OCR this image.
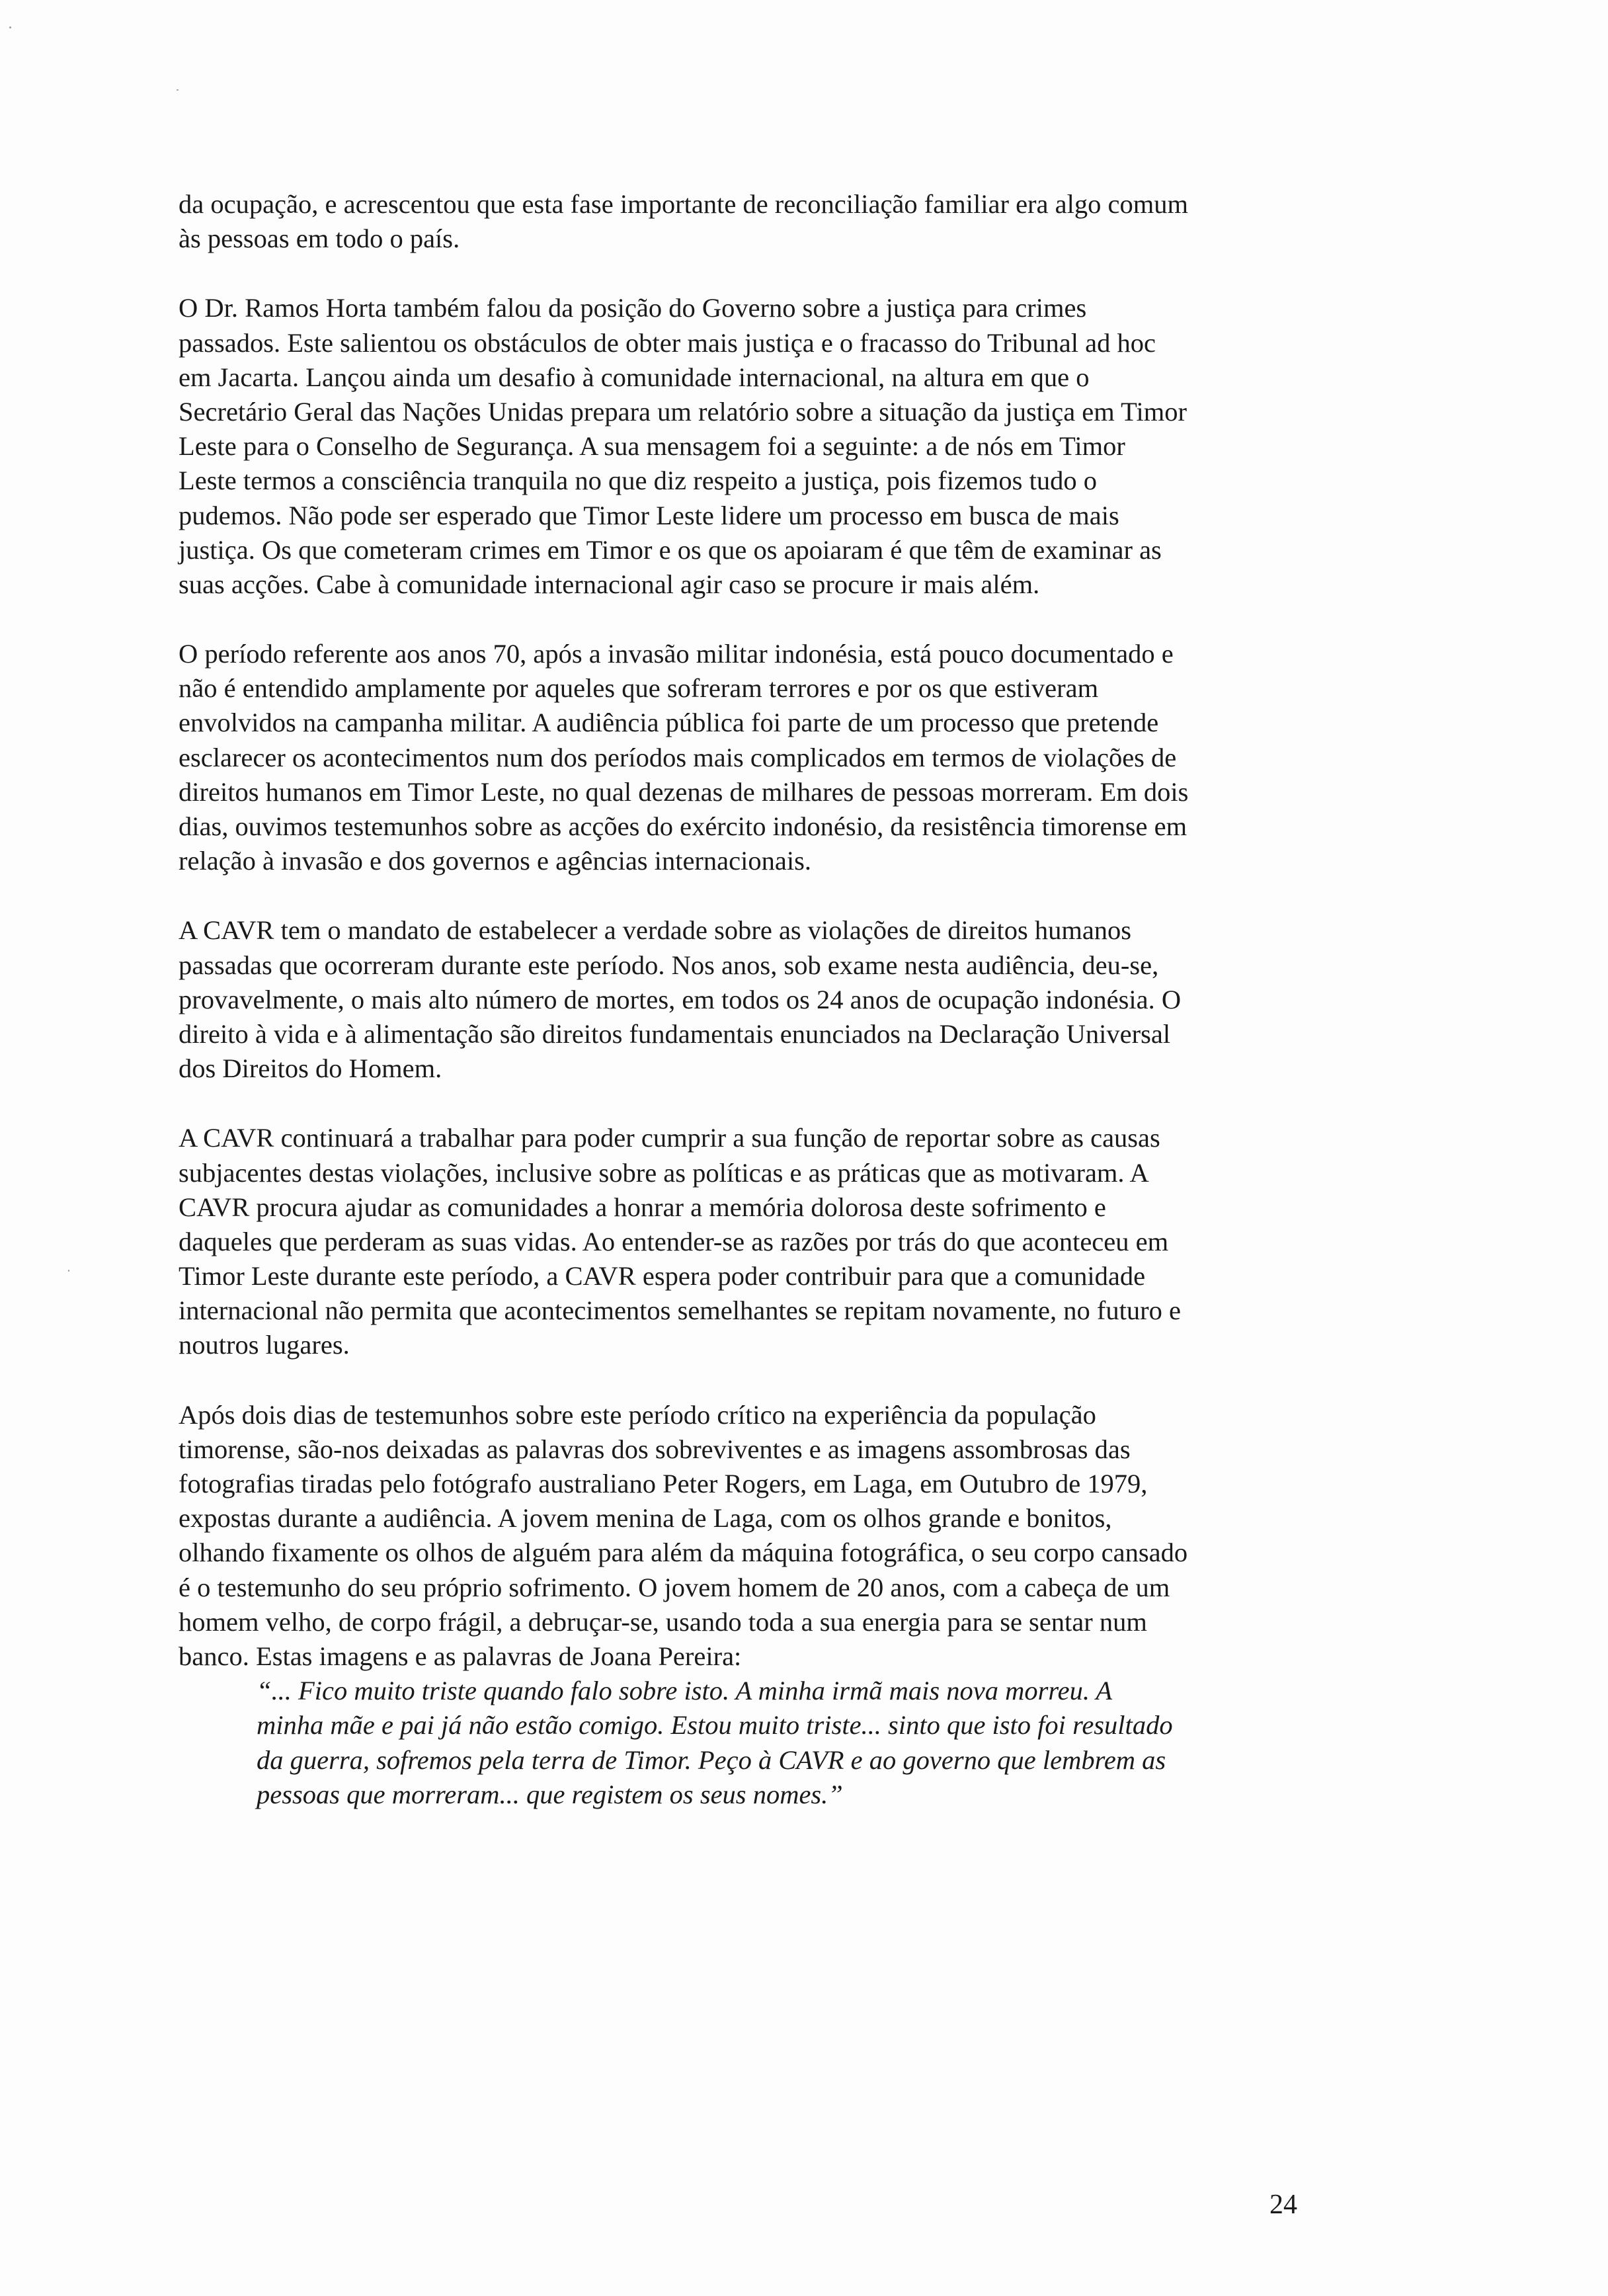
da ocupação, e acrescentou que esta fase importante de reconciliação familiar era algo comum
às pessoas em todo o país.

O Dr. Ramos Horta também falou da posição do Governo sobre a justiça para crimes
passados. Este salientou os obstáculos de obter mais justiça e o fracasso do Tribunal ad hoc
em Jacarta. Lançou ainda um desafio à comunidade internacional, na altura em que o
Secretário Geral das Nações Unidas prepara um relatório sobre a situação da justiça em Timor
Leste para o Conselho de Segurança. A sua mensagem foi a seguinte: a de nós em Timor
Leste termos a consciência tranquila no que diz respeito a justiça, pois fizemos tudo o
pudemos. Não pode ser esperado que Timor Leste lidere um processo em busca de mais
justiça. Os que cometeram crimes em Timor e os que os apoiaram é que têm de examinar as
suas acções. Cabe à comunidade internacional agir caso se procure ir mais além.

O período referente aos anos 70, após a invasão militar indonésia, está pouco documentado e
não é entendido amplamente por aqueles que sofreram terrores e por os que estiveram
envolvidos na campanha militar. A audiência pública foi parte de um processo que pretende
esclarecer os acontecimentos num dos períodos mais complicados em termos de violações de
direitos humanos em Timor Leste, no qual dezenas de milhares de pessoas morreram. Em dois
dias, ouvimos testemunhos sobre as acções do exército indonésio, da resistência timorense em
relação à invasão e dos governos e agências internacionais.

A CAVR tem o mandato de estabelecer a verdade sobre as violações de direitos humanos
passadas que ocorreram durante este período. Nos anos, sob exame nesta audiência, deu-se,
provavelmente, o mais alto número de mortes, em todos os 24 anos de ocupação indonésia. O
direito à vida e à alimentação são direitos fundamentais enunciados na Declaração Universal
dos Direitos do Homem.

A CAVR continuará a trabalhar para poder cumprir a sua função de reportar sobre as causas
subjacentes destas violações, inclusive sobre as políticas e as práticas que as motivaram. A
CAVR procura ajudar as comunidades a honrar a memória dolorosa deste sofrimento e
daqueles que perderam as suas vidas. Ao entender-se as razões por trás do que aconteceu em
Timor Leste durante este período, a CAVR espera poder contribuir para que a comunidade
internacional não permita que acontecimentos semelhantes se repitam novamente, no futuro e
noutros lugares.

Após dois dias de testemunhos sobre este período crítico na experiência da população
timorense, são-nos deixadas as palavras dos sobreviventes e as imagens assombrosas das
fotografias tiradas pelo fotógrafo australiano Peter Rogers, em Laga, em Outubro de 1979,
expostas durante a audiência. A jovem menina de Laga, com os olhos grande e bonitos,
olhando fixamente os olhos de alguém para além da máquina fotográfica, o seu corpo cansado
é o testemunho do seu próprio sofrimento. O jovem homem de 20 anos, com a cabeça de um
homem velho, de corpo frágil, a debruçar-se, usando toda a sua energia para se sentar num
banco. Estas imagens e as palavras de Joana Pereira:

“... Fico muito triste quando falo sobre isto. A minha irmã mais nova morreu. A
minha mãe e pai já não estão comigo. Estou muito triste... sinto que isto foi resultado
da guerra, sofremos pela terra de Timor. Peço à CAVR e ao governo que lembrem as
pessoas que morreram... que registem os seus nomes.”
24
